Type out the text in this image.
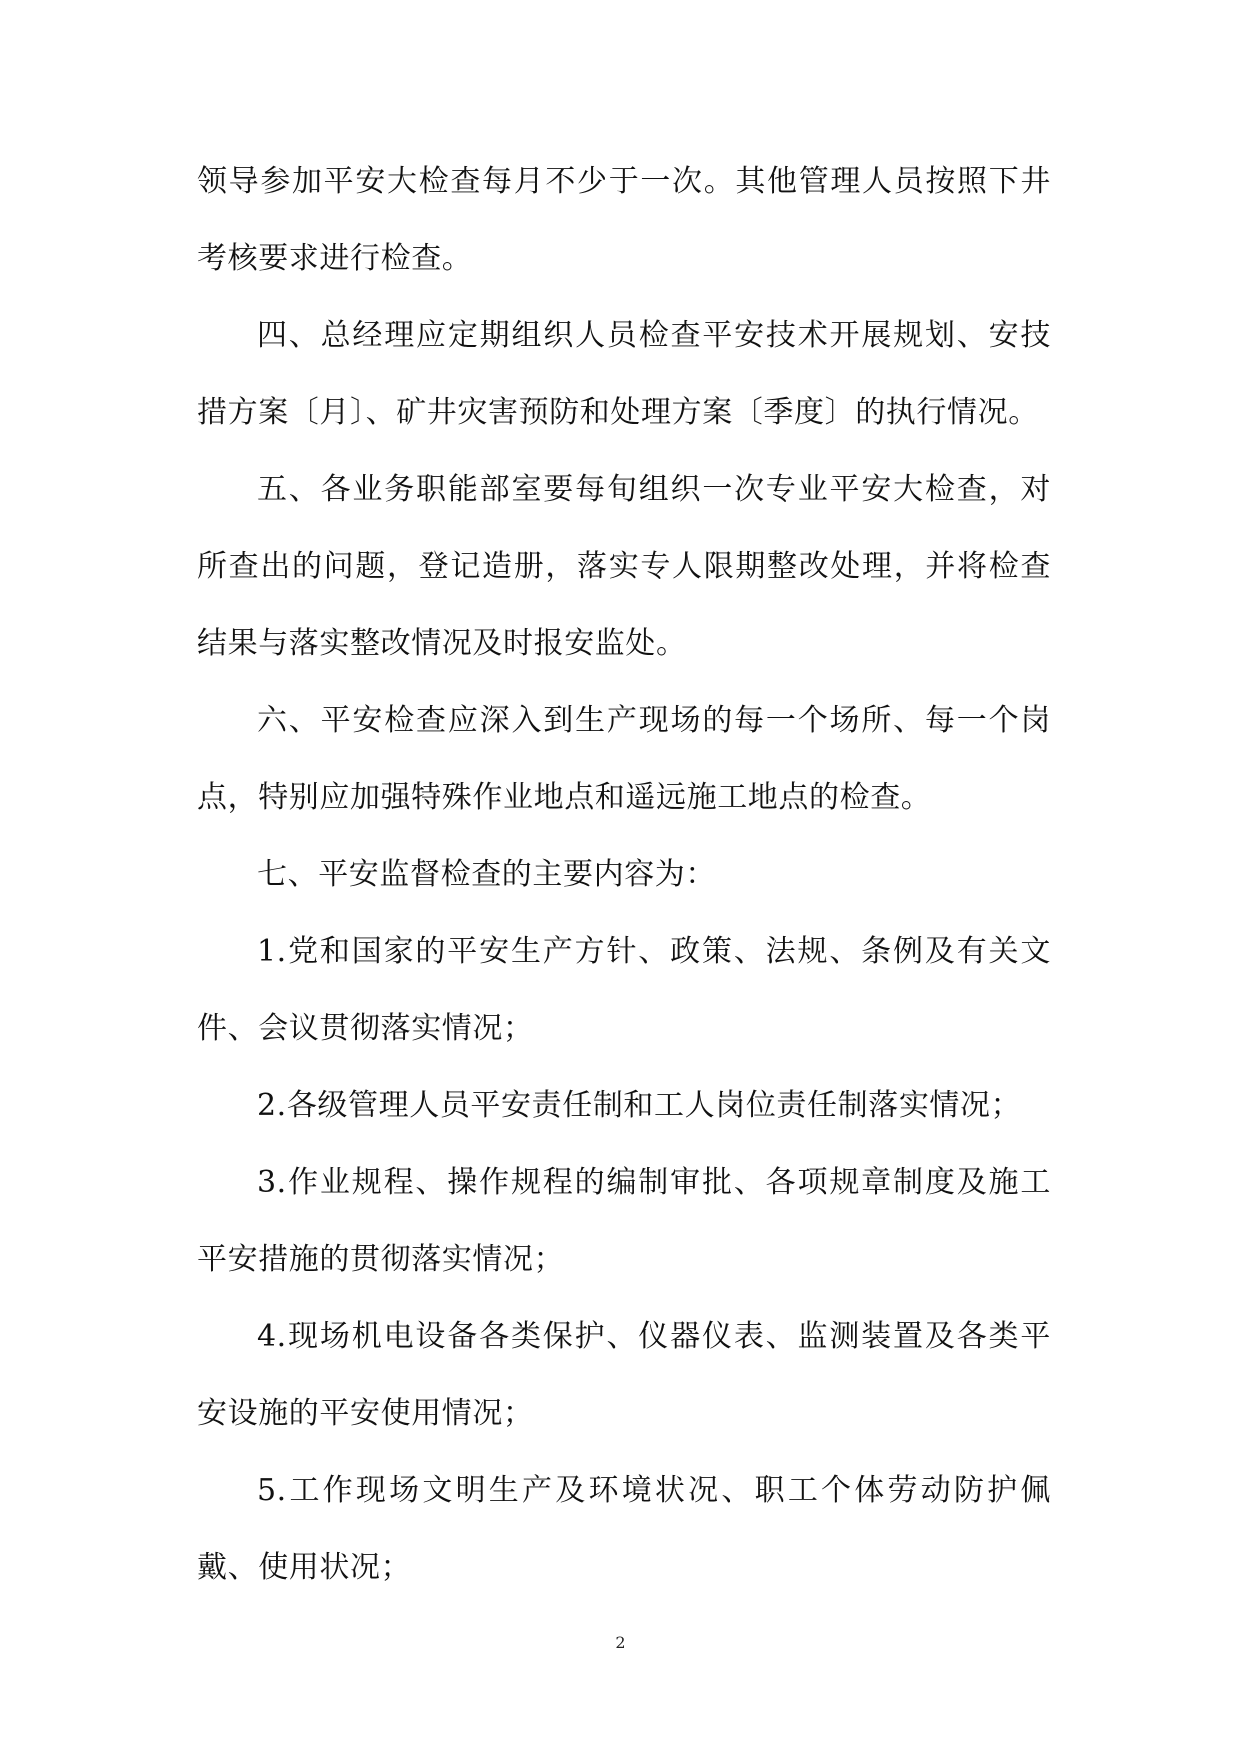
领导参加平安大检查每月不少于一次。其他管理人员按照下井考核要求进行检查。

四、总经理应定期组织人员检查平安技术开展规划、安技措方案〔月〕、矿井灾害预防和处理方案〔季度〕的执行情况。

五、各业务职能部室要每旬组织一次专业平安大检查，对所查出的问题，登记造册，落实专人限期整改处理，并将检查结果与落实整改情况及时报安监处。

六、平安检查应深入到生产现场的每一个场所、每一个岗点，特别应加强特殊作业地点和遥远施工地点的检查。

七、平安监督检查的主要内容为：

1.党和国家的平安生产方针、政策、法规、条例及有关文件、会议贯彻落实情况；

2.各级管理人员平安责任制和工人岗位责任制落实情况；

3.作业规程、操作规程的编制审批、各项规章制度及施工平安措施的贯彻落实情况；

4.现场机电设备各类保护、仪器仪表、监测装置及各类平安设施的平安使用情况；

5.工作现场文明生产及环境状况、职工个体劳动防护佩戴、使用状况；

2
